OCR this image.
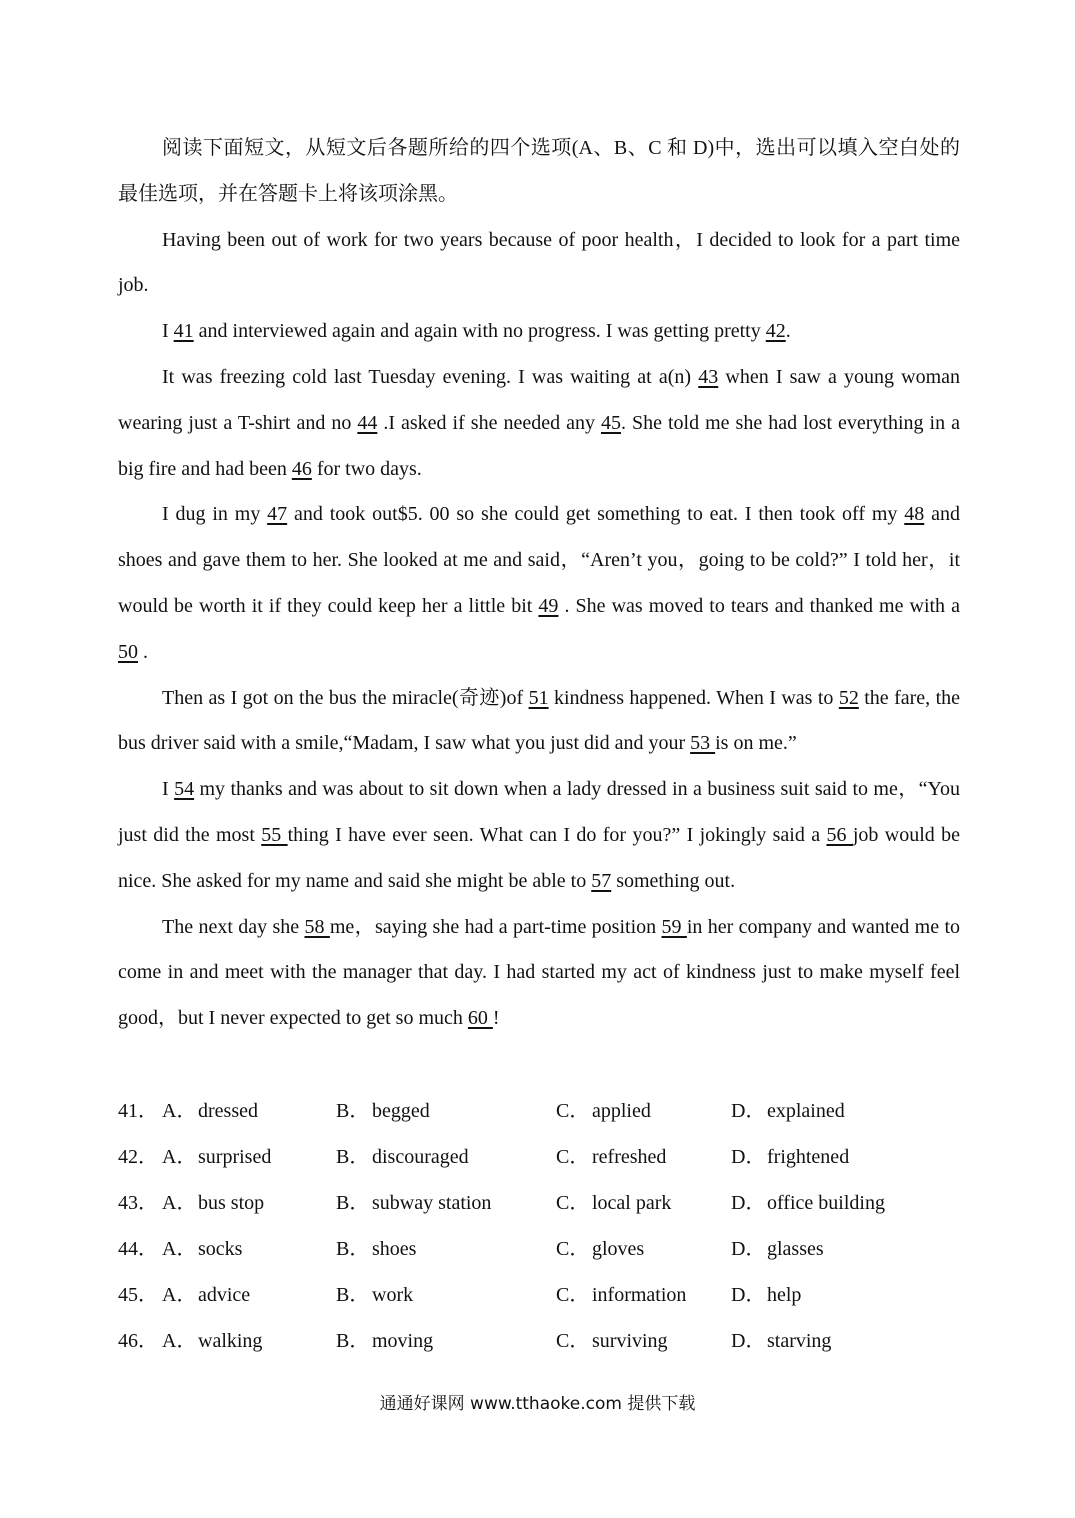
阅读下面短文，从短文后各题所给的四个选项(A、B、C 和 D)中，选出可以填入空白处的最佳选项，并在答题卡上将该项涂黑。

Having been out of work for two years because of poor health，I decided to look for a part time job.

I 41 and interviewed again and again with no progress. I was getting pretty 42.

It was freezing cold last Tuesday evening. I was waiting at a(n) 43 when I saw a young woman wearing just a T-shirt and no 44 .I asked if she needed any 45. She told me she had lost everything in a big fire and had been 46 for two days.

I dug in my 47 and took out$5. 00 so she could get something to eat. I then took off my 48 and shoes and gave them to her. She looked at me and said，“Aren’t you，going to be cold?” I told her，it would be worth it if they could keep her a little bit 49 . She was moved to tears and thanked me with a 50 .

Then as I got on the bus the miracle(奇迹)of 51 kindness happened. When I was to 52 the fare, the bus driver said with a smile,“Madam, I saw what you just did and your 53 is on me.”

I 54 my thanks and was about to sit down when a lady dressed in a business suit said to me，“You just did the most 55 thing I have ever seen. What can I do for you?” I jokingly said a 56 job would be nice. She asked for my name and said she might be able to 57 something out.

The next day she 58 me，saying she had a part-time position 59 in her company and wanted me to come in and meet with the manager that day. I had started my act of kindness just to make myself feel good，but I never expected to get so much 60 !

41．	A．dressed	B． begged	C． applied	D．explained
42．	A．surprised	B． discouraged	C． refreshed	D．frightened
43．	A．bus stop	B． subway station	C． local park	D．office building
44．	A．socks	B． shoes	C． gloves	D．glasses
45．	A．advice	B． work	C． information	D．help
46．	A．walking	B． moving	C． surviving	D．starving
通通好课网 www.tthaoke.com 提供下载
